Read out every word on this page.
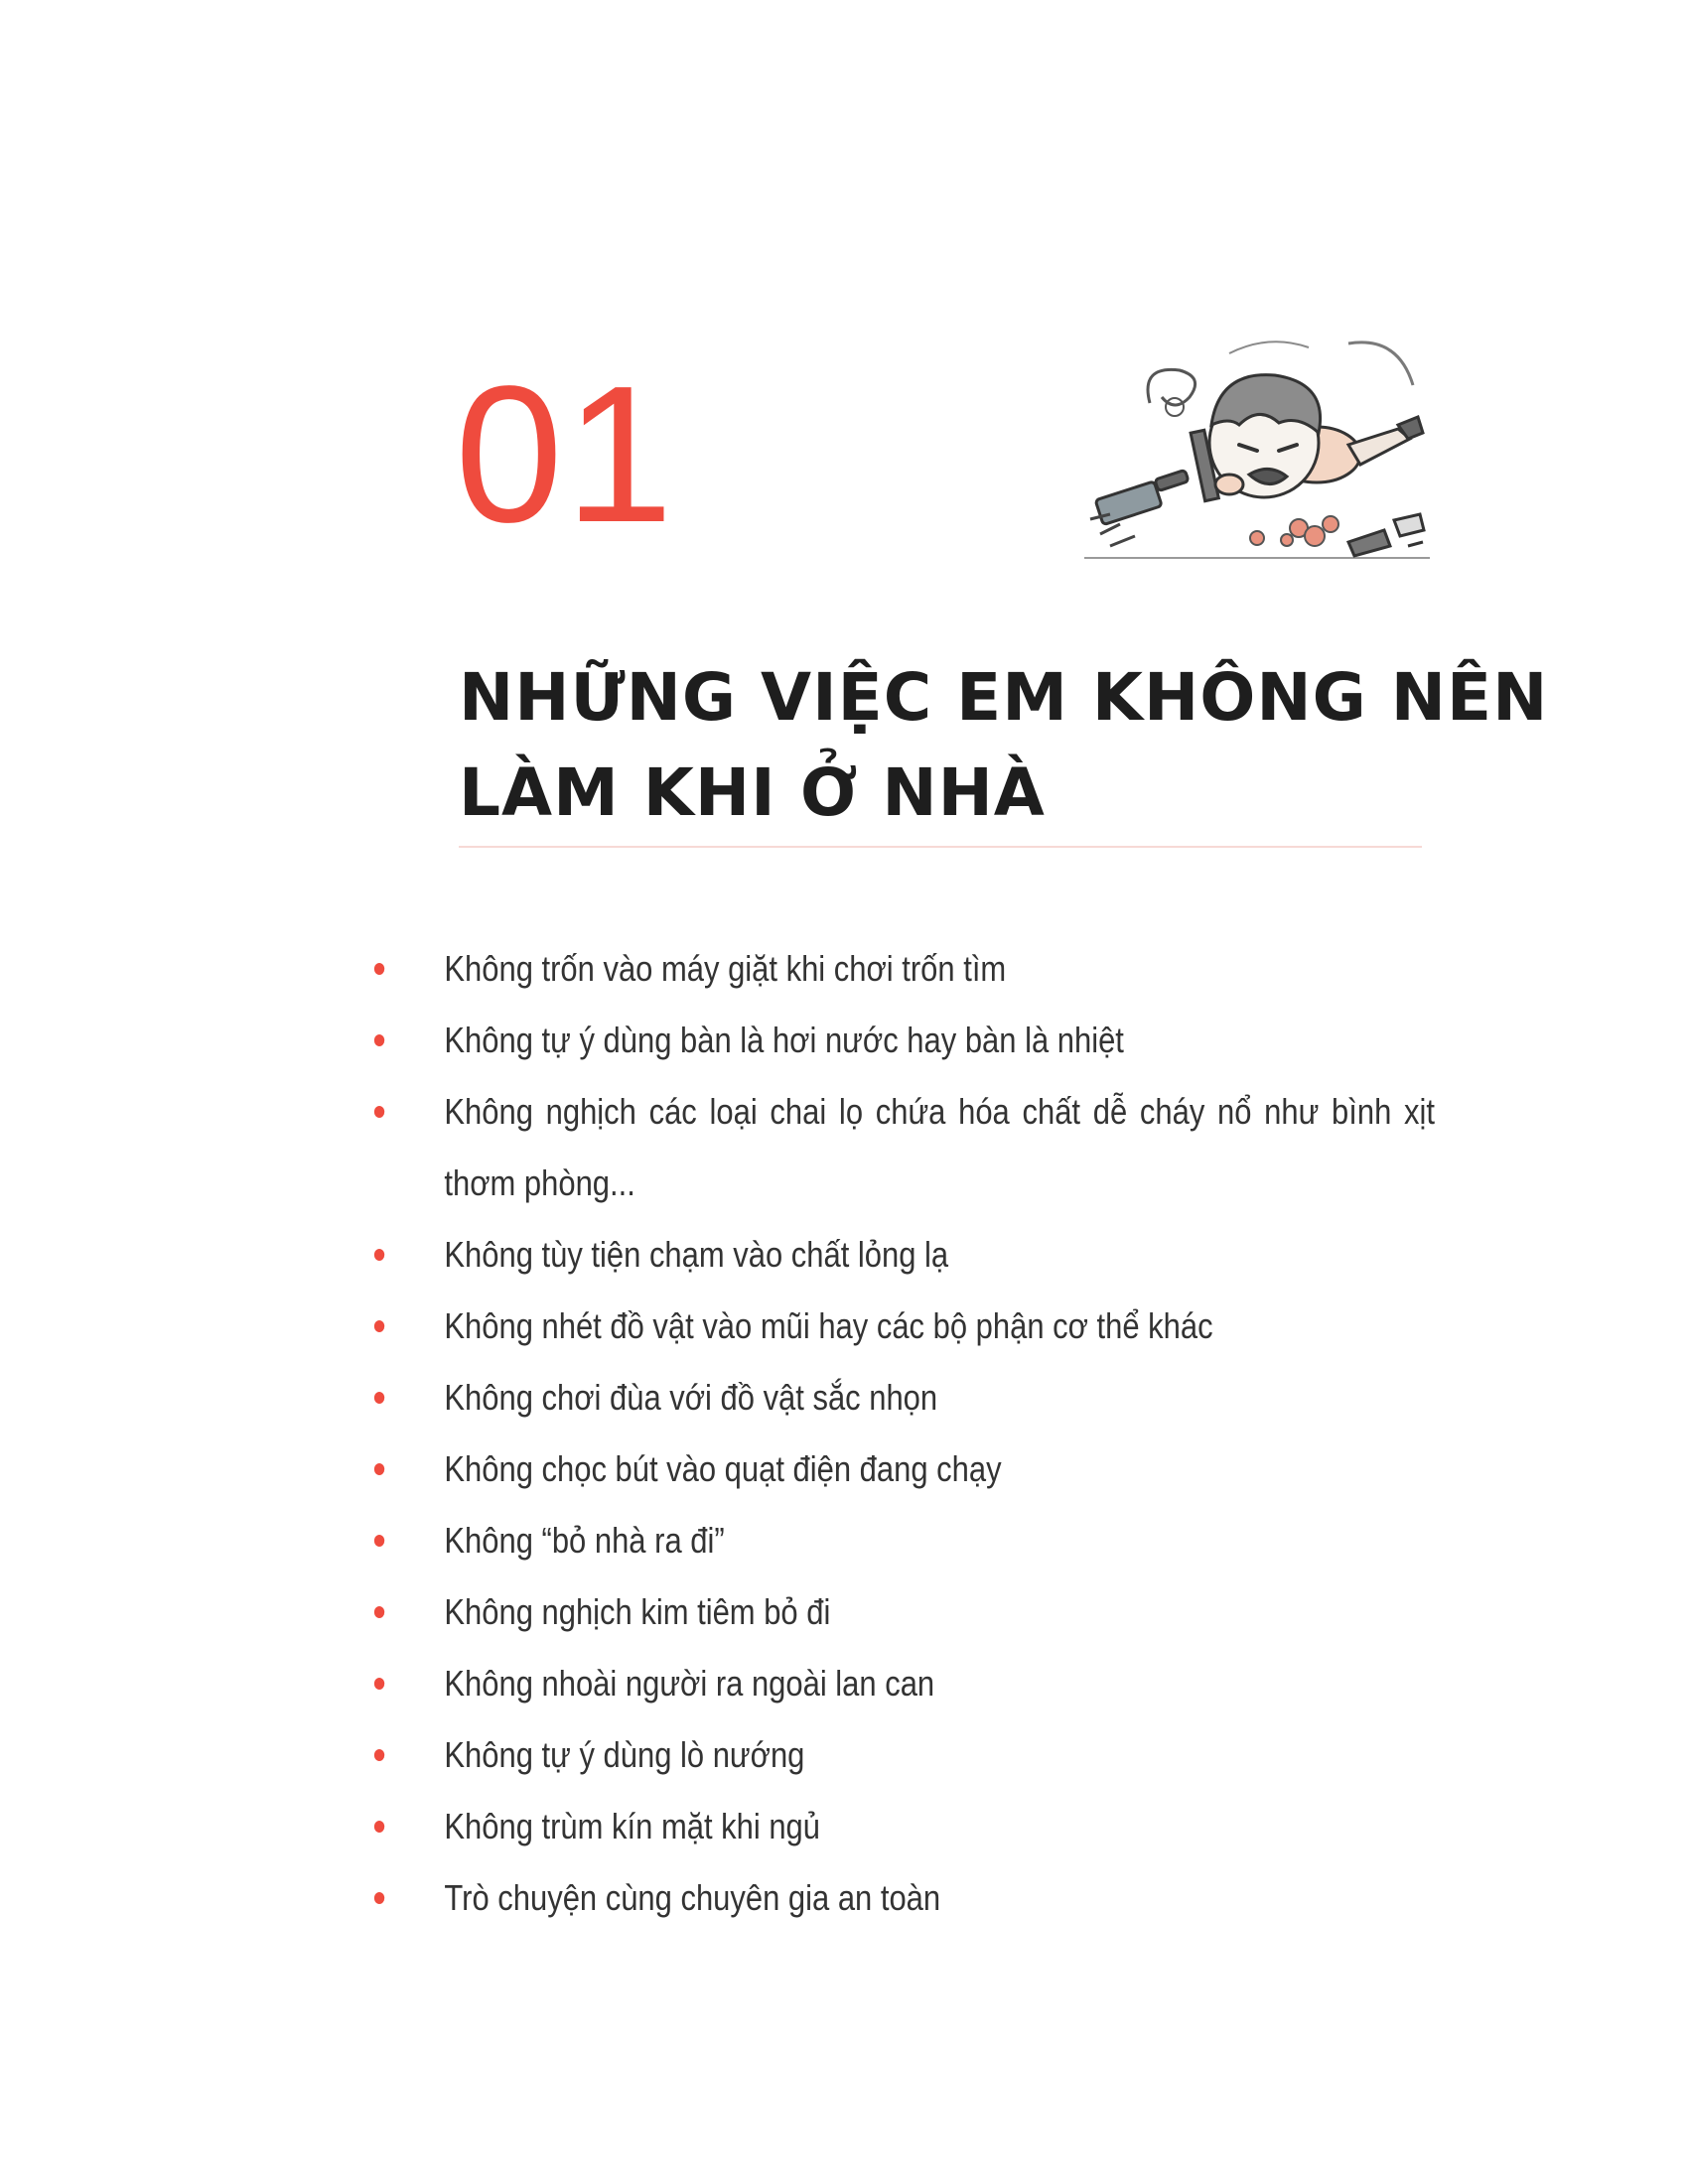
01
NHỮNG VIỆC EM KHÔNG NÊN
LÀM KHI Ở NHÀ
Không trốn vào máy giặt khi chơi trốn tìm
Không tự ý dùng bàn là hơi nước hay bàn là nhiệt
Không nghịch các loại chai lọ chứa hóa chất dễ cháy nổ như bình xịt thơm phòng...
Không tùy tiện chạm vào chất lỏng lạ
Không nhét đồ vật vào mũi hay các bộ phận cơ thể khác
Không chơi đùa với đồ vật sắc nhọn
Không chọc bút vào quạt điện đang chạy
Không “bỏ nhà ra đi”
Không nghịch kim tiêm bỏ đi
Không nhoài người ra ngoài lan can
Không tự ý dùng lò nướng
Không trùm kín mặt khi ngủ
Trò chuyện cùng chuyên gia an toàn
